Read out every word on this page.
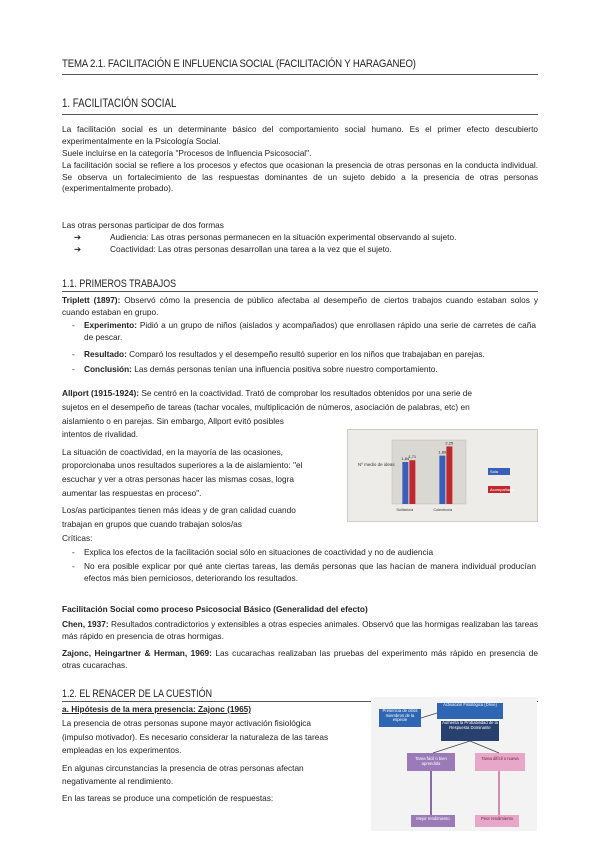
TEMA 2.1. FACILITACIÓN E INFLUENCIA SOCIAL (FACILITACIÓN Y HARAGANEO)
1. FACILITACIÓN SOCIAL
La facilitación social es un determinante básico del comportamiento social humano. Es el primer efecto descubierto experimentalmente en la Psicología Social.
Suele incluirse en la categoría "Procesos de Influencia Psicosocial".
La facilitación social se refiere a los procesos y efectos que ocasionan la presencia de otras personas en la conducta individual. Se observa un fortalecimiento de las respuestas dominantes de un sujeto debido a la presencia de otras personas (experimentalmente probado).
Las otras personas participar de dos formas
➔	Audiencia: Las otras personas permanecen en la situación experimental observando al sujeto.
➔	Coactividad: Las otras personas desarrollan una tarea a la vez que el sujeto.
1.1. PRIMEROS TRABAJOS
Triplett (1897): Observó cómo la presencia de público afectaba al desempeño de ciertos trabajos cuando estaban solos y cuando estaban en grupo.
- Experimento: Pidió a un grupo de niños (aislados y acompañados) que enrollasen rápido una serie de carretes de caña de pescar.
- Resultado: Comparó los resultados y el desempeño resultó superior en los niños que trabajaban en parejas.
- Conclusión: Las demás personas tenían una influencia positiva sobre nuestro comportamiento.
Allport (1915-1924): Se centró en la coactividad. Trató de comprobar los resultados obtenidos por una serie de
sujetos en el desempeño de tareas (tachar vocales, multiplicación de números, asociación de palabras, etc) en
aislamiento o en parejas. Sin embargo, Allport evitó posibles
intentos de rivalidad.
La situación de coactividad, en la mayoría de las ocasiones,
proporcionaba unos resultados superiores a la de aislamiento: "el
escuchar y ver a otras personas hacer las mismas cosas, logra
aumentar las respuestas en proceso".
Los/as participantes tienen más ideas y de gran calidad cuando
trabajan en grupos que cuando trabajan solos/as
Nº medio de ideas
1,64 1,71
Solitario/a
1,89
2,25
Colectivo/a
Sola
Acompañada
Críticas:
- Explica los efectos de la facilitación social sólo en situaciones de coactividad y no de audiencia
- No era posible explicar por qué ante ciertas tareas, las demás personas que las hacían de manera individual producían efectos más bien perniciosos, deteriorando los resultados.
Facilitación Social como proceso Psicosocial Básico (Generalidad del efecto)
Chen, 1937: Resultados contradictorios y extensibles a otras especies animales. Observó que las hormigas realizaban las tareas más rápido en presencia de otras hormigas.
Zajonc, Heingartner & Herman, 1969: Las cucarachas realizaban las pruebas del experimento más rápido en presencia de otras cucarachas.
1.2. EL RENACER DE LA CUESTIÓN
a. Hipótesis de la mera presencia: Zajonc (1965)
La presencia de otras personas supone mayor activación fisiológica
(impulso motivador). Es necesario considerar la naturaleza de las tareas
empleadas en los experimentos.
En algunas circunstancias la presencia de otras personas afectan
negativamente al rendimiento.
En las tareas se produce una competición de respuestas:
Presencia de otros miembros de la especie
Activación Fisiológica (Drive)
Aumenta la Probabilidad de la Respuesta Dominante
Tarea fácil o bien aprendida
Tarea difícil o nueva
Mejor rendimiento	Peor rendimiento
